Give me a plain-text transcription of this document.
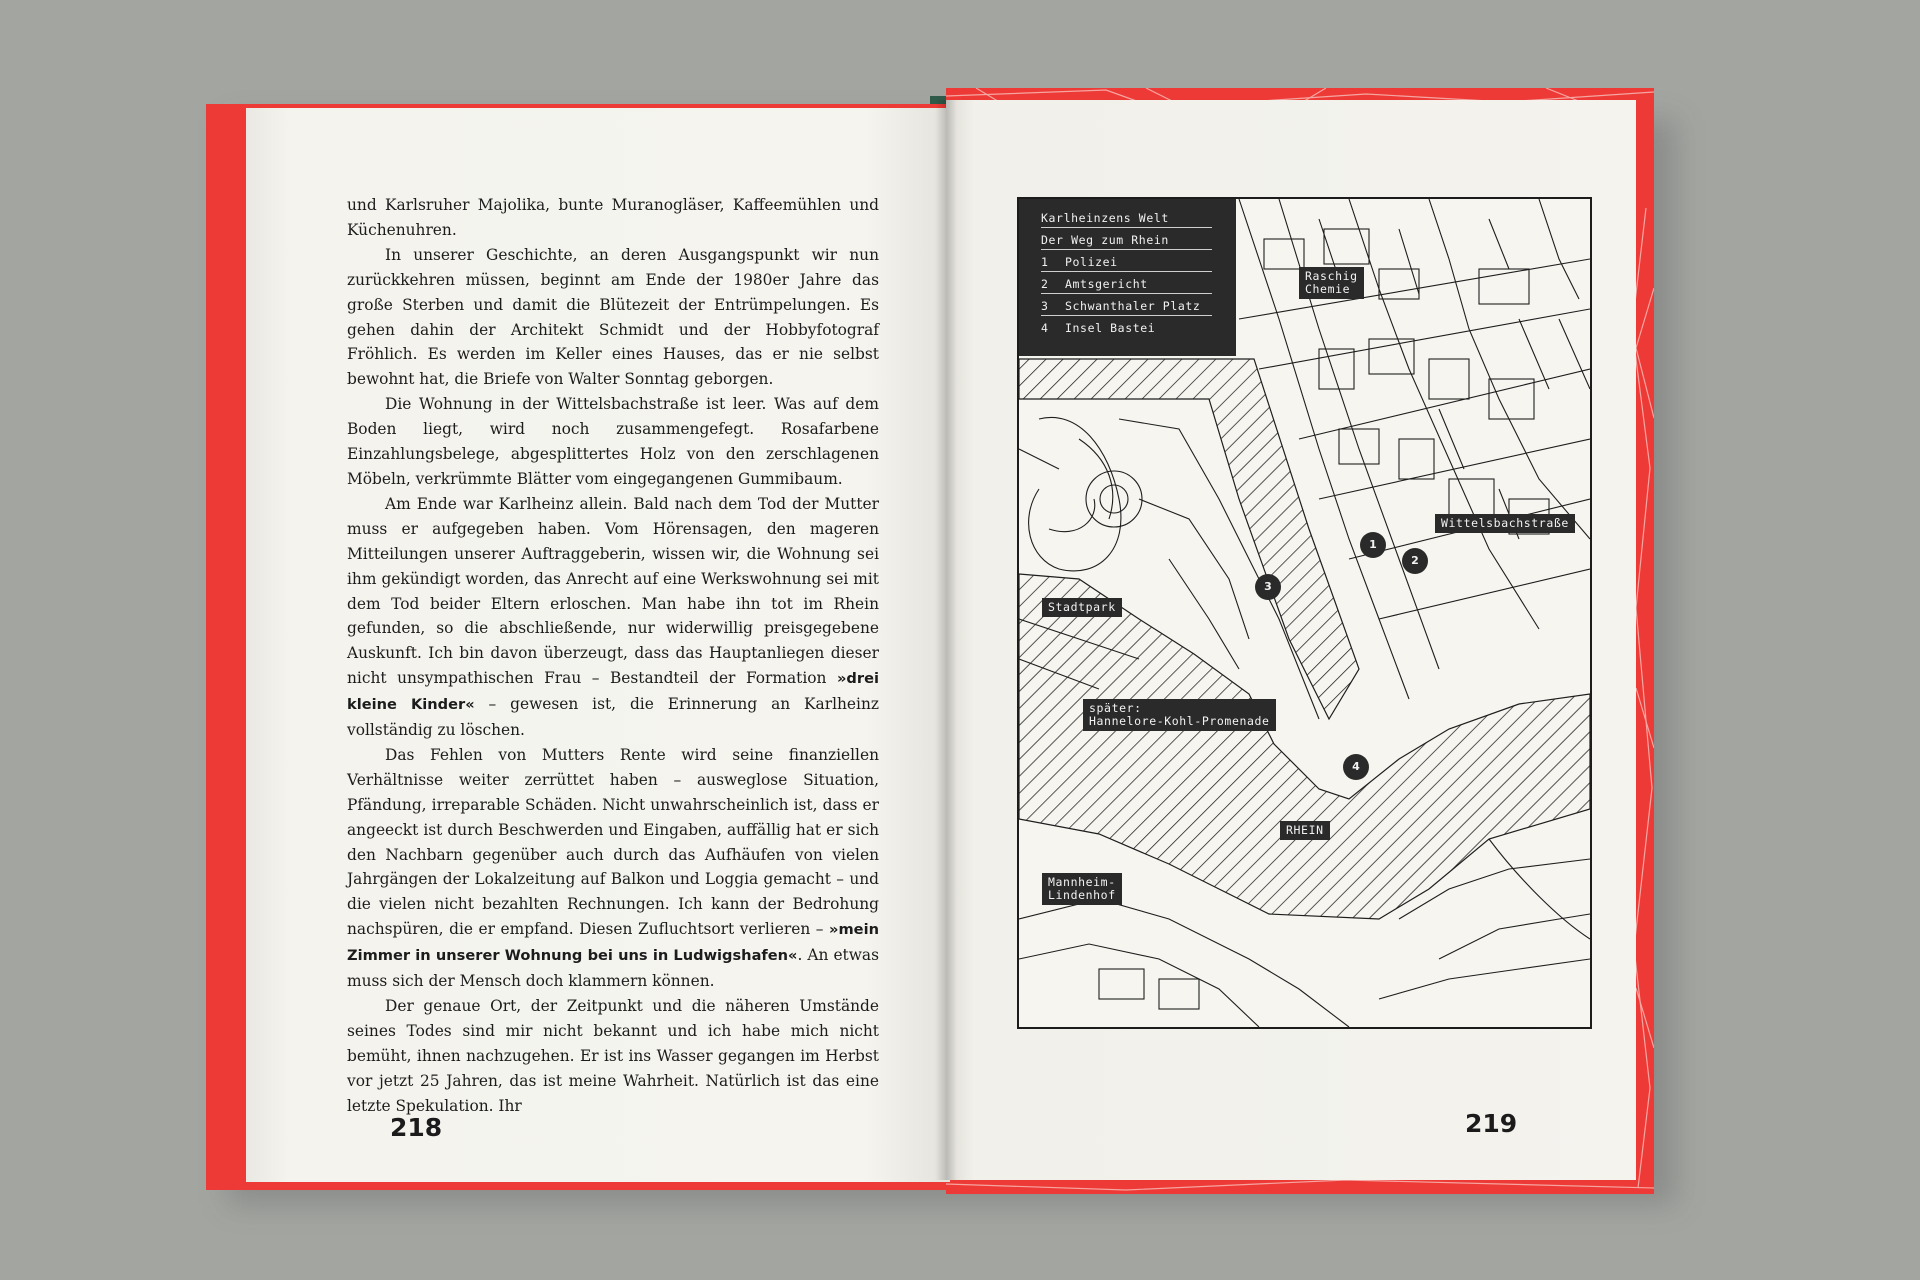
und Karlsruher Majolika, bunte Muranogläser, Kaffeemühlen und Küchenuhren.

In unserer Geschichte, an deren Ausgangspunkt wir nun zurückkehren müssen, beginnt am Ende der 1980er Jahre das große Sterben und damit die Blütezeit der Entrümpelungen. Es gehen dahin der Architekt Schmidt und der Hobbyfotograf Fröhlich. Es werden im Keller eines Hauses, das er nie selbst bewohnt hat, die Briefe von Walter Sonntag geborgen.

Die Wohnung in der Wittelsbachstraße ist leer. Was auf dem Boden liegt, wird noch zusammengefegt. Rosafarbene Einzahlungsbelege, abgesplittertes Holz von den zerschlagenen Möbeln, verkrümmte Blätter vom eingegangenen Gummibaum.

Am Ende war Karlheinz allein. Bald nach dem Tod der Mutter muss er aufgegeben haben. Vom Hörensagen, den mageren Mitteilungen unserer Auftraggeberin, wissen wir, die Wohnung sei ihm gekündigt worden, das Anrecht auf eine Werkswohnung sei mit dem Tod beider Eltern erloschen. Man habe ihn tot im Rhein gefunden, so die abschließende, nur widerwillig preisgegebene Auskunft. Ich bin davon überzeugt, dass das Hauptanliegen dieser nicht unsympathischen Frau – Bestandteil der Formation »drei kleine Kinder« – gewesen ist, die Erinnerung an Karlheinz vollständig zu löschen.

Das Fehlen von Mutters Rente wird seine finanziellen Verhältnisse weiter zerrüttet haben – ausweglose Situation, Pfändung, irreparable Schäden. Nicht unwahrscheinlich ist, dass er angeeckt ist durch Beschwerden und Eingaben, auffällig hat er sich den Nachbarn gegenüber auch durch das Aufhäufen von vielen Jahrgängen der Lokalzeitung auf Balkon und Loggia gemacht – und die vielen nicht bezahlten Rechnungen. Ich kann der Bedrohung nachspüren, die er empfand. Diesen Zufluchtsort verlieren – »mein Zimmer in unserer Wohnung bei uns in Ludwigshafen«. An etwas muss sich der Mensch doch klammern können.

Der genaue Ort, der Zeitpunkt und die näheren Umstände seines Todes sind mir nicht bekannt und ich habe mich nicht bemüht, ihnen nachzugehen. Er ist ins Wasser gegangen im Herbst vor jetzt 25 Jahren, das ist meine Wahrheit. Natürlich ist das eine letzte Spekulation. Ihr

218	219
Karlheinzens Welt
Der Weg zum Rhein
1 Polizei
2 Amtsgericht
3 Schwanthaler Platz
4 Insel Bastei
Raschig
Chemie
Wittelsbachstraße
Stadtpark
später:
Hannelore-Kohl-Promenade
RHEIN
Mannheim-
Lindenhof
1
2
3
4
